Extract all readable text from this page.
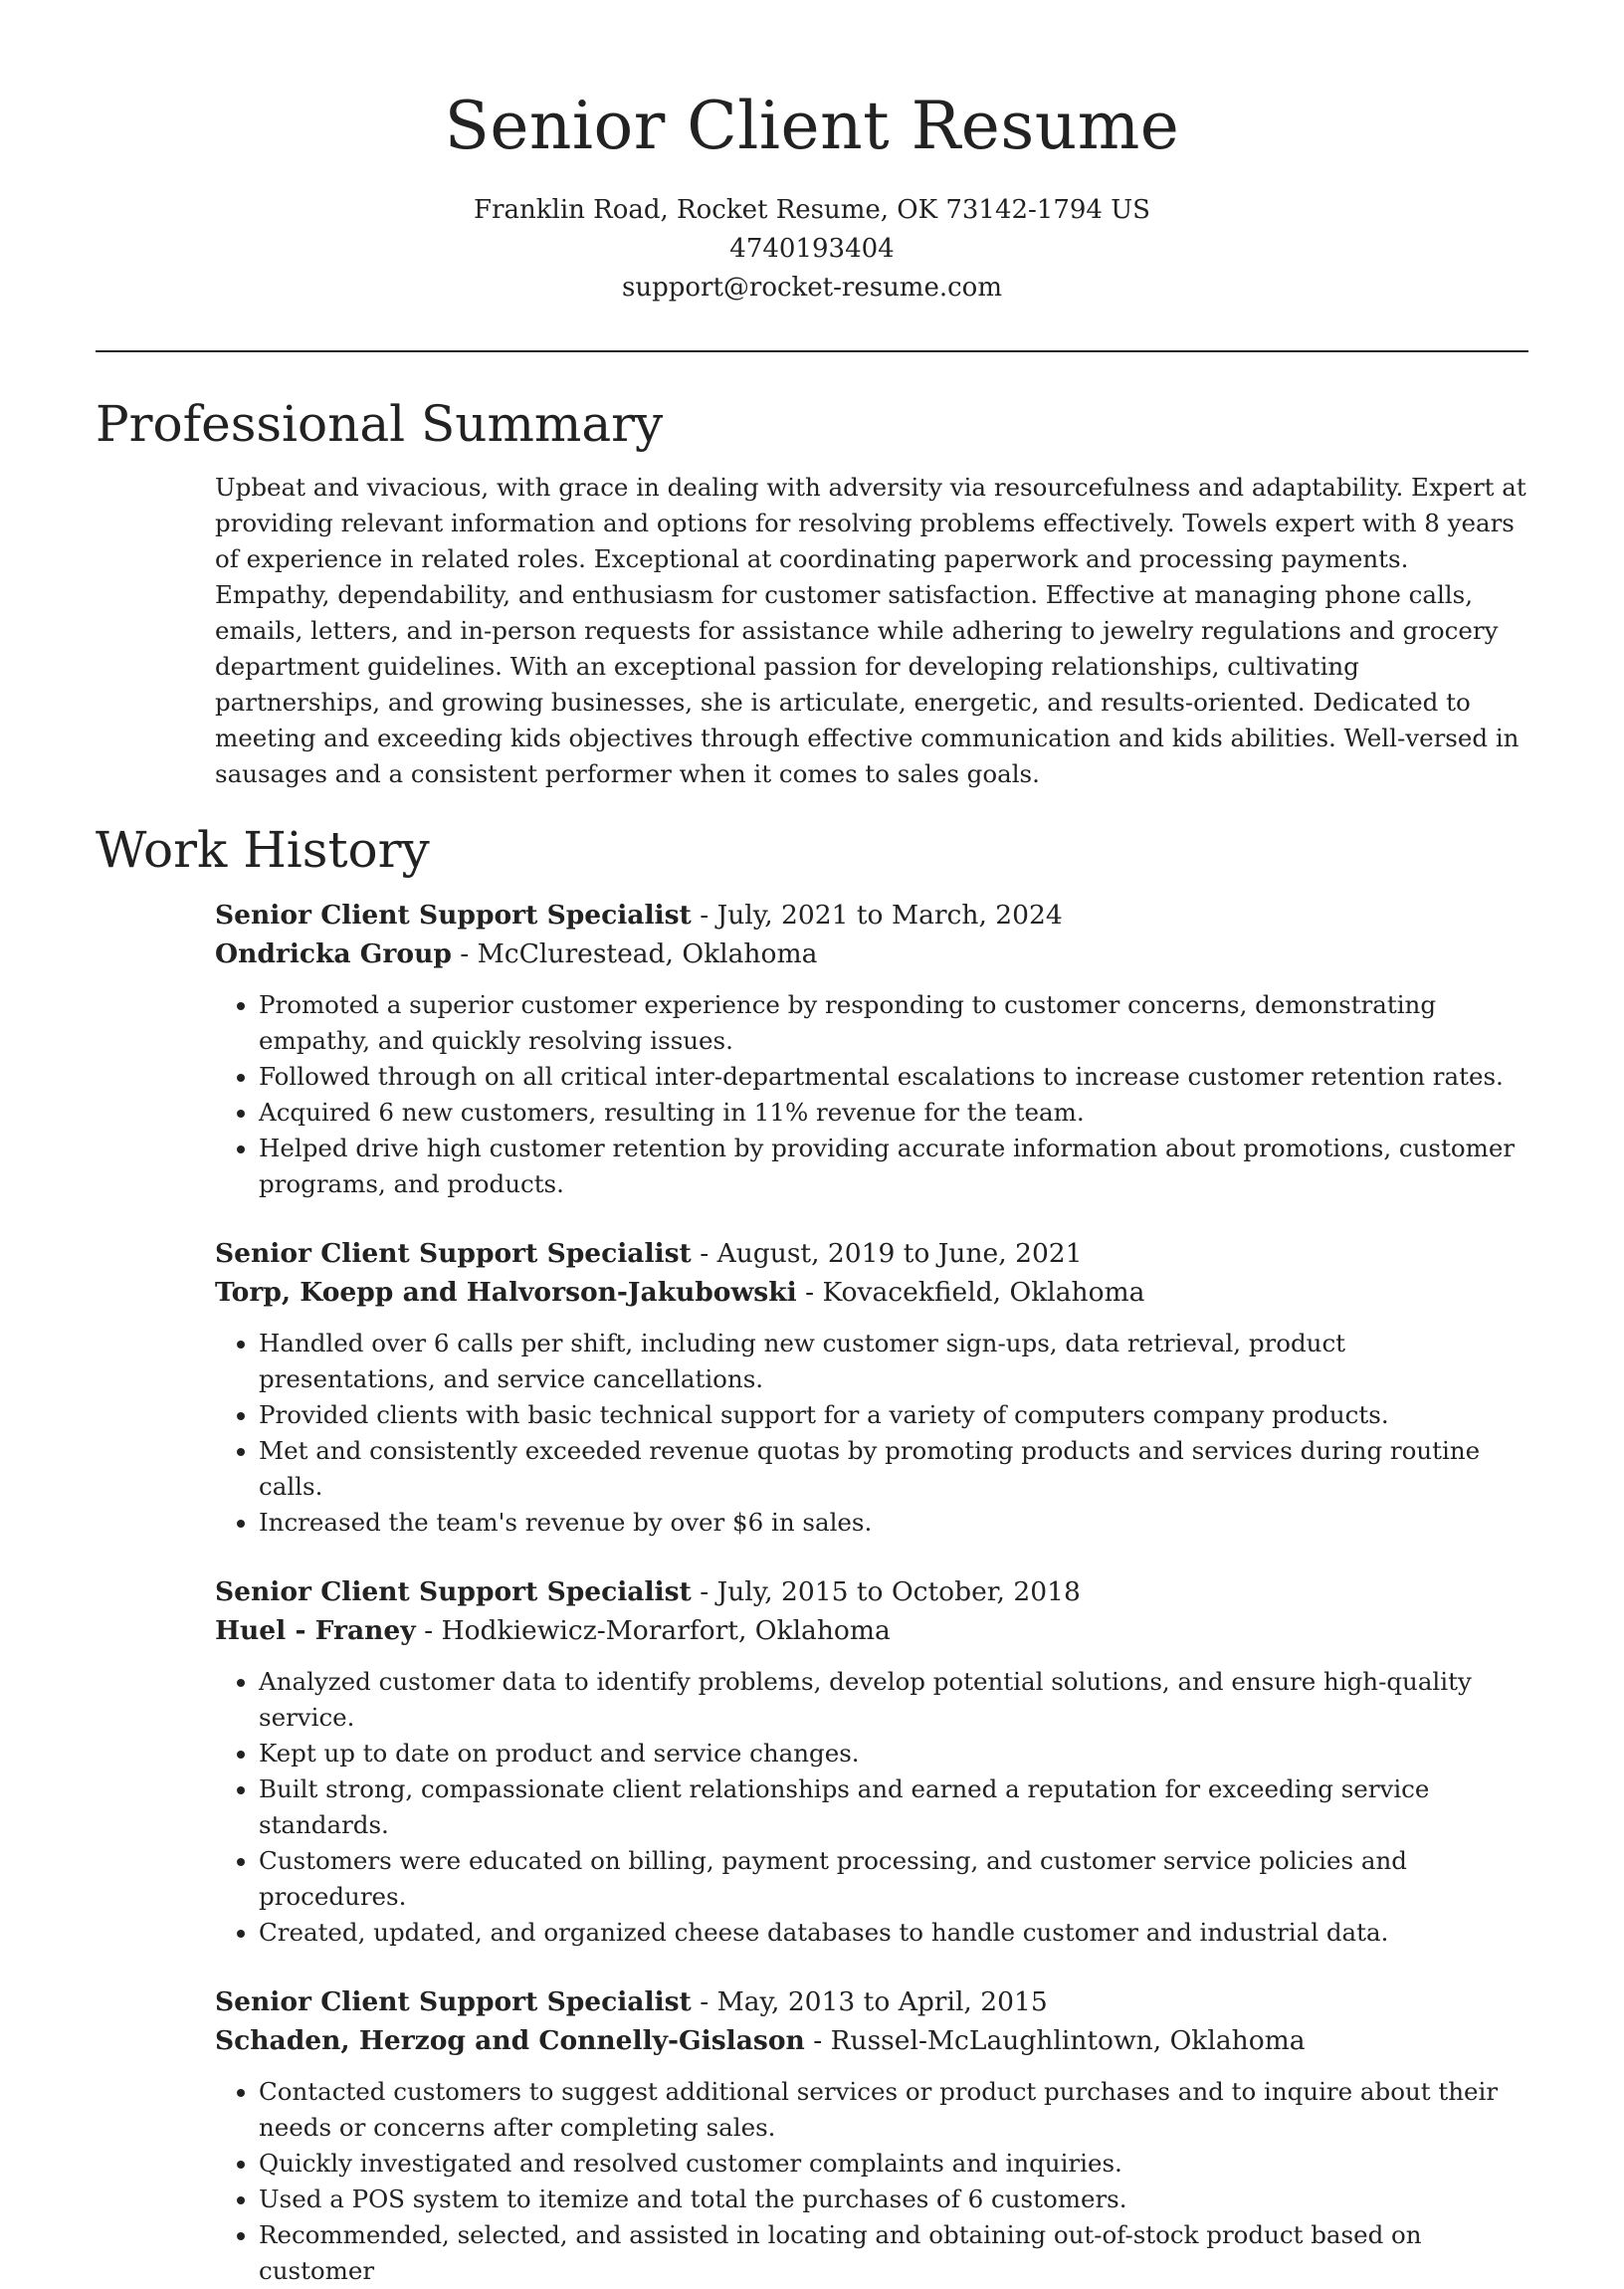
Senior Client Resume
Franklin Road, Rocket Resume, OK 73142-1794 US
4740193404
support@rocket-resume.com
Professional Summary
Upbeat and vivacious, with grace in dealing with adversity via resourcefulness and adaptability. Expert at providing relevant information and options for resolving problems effectively. Towels expert with 8 years of experience in related roles. Exceptional at coordinating paperwork and processing payments. Empathy, dependability, and enthusiasm for customer satisfaction. Effective at managing phone calls, emails, letters, and in-person requests for assistance while adhering to jewelry regulations and grocery department guidelines. With an exceptional passion for developing relationships, cultivating partnerships, and growing businesses, she is articulate, energetic, and results-oriented. Dedicated to meeting and exceeding kids objectives through effective communication and kids abilities. Well-versed in sausages and a consistent performer when it comes to sales goals.
Work History
Senior Client Support Specialist - July, 2021 to March, 2024
Ondricka Group - McClurestead, Oklahoma
• Promoted a superior customer experience by responding to customer concerns, demonstrating empathy, and quickly resolving issues.
• Followed through on all critical inter-departmental escalations to increase customer retention rates.
• Acquired 6 new customers, resulting in 11% revenue for the team.
• Helped drive high customer retention by providing accurate information about promotions, customer programs, and products.
Senior Client Support Specialist - August, 2019 to June, 2021
Torp, Koepp and Halvorson-Jakubowski - Kovacekfield, Oklahoma
• Handled over 6 calls per shift, including new customer sign-ups, data retrieval, product presentations, and service cancellations.
• Provided clients with basic technical support for a variety of computers company products.
• Met and consistently exceeded revenue quotas by promoting products and services during routine calls.
• Increased the team's revenue by over $6 in sales.
Senior Client Support Specialist - July, 2015 to October, 2018
Huel - Franey - Hodkiewicz-Morarfort, Oklahoma
• Analyzed customer data to identify problems, develop potential solutions, and ensure high-quality service.
• Kept up to date on product and service changes.
• Built strong, compassionate client relationships and earned a reputation for exceeding service standards.
• Customers were educated on billing, payment processing, and customer service policies and procedures.
• Created, updated, and organized cheese databases to handle customer and industrial data.
Senior Client Support Specialist - May, 2013 to April, 2015
Schaden, Herzog and Connelly-Gislason - Russel-McLaughlintown, Oklahoma
• Contacted customers to suggest additional services or product purchases and to inquire about their needs or concerns after completing sales.
• Quickly investigated and resolved customer complaints and inquiries.
• Used a POS system to itemize and total the purchases of 6 customers.
• Recommended, selected, and assisted in locating and obtaining out-of-stock product based on customer
